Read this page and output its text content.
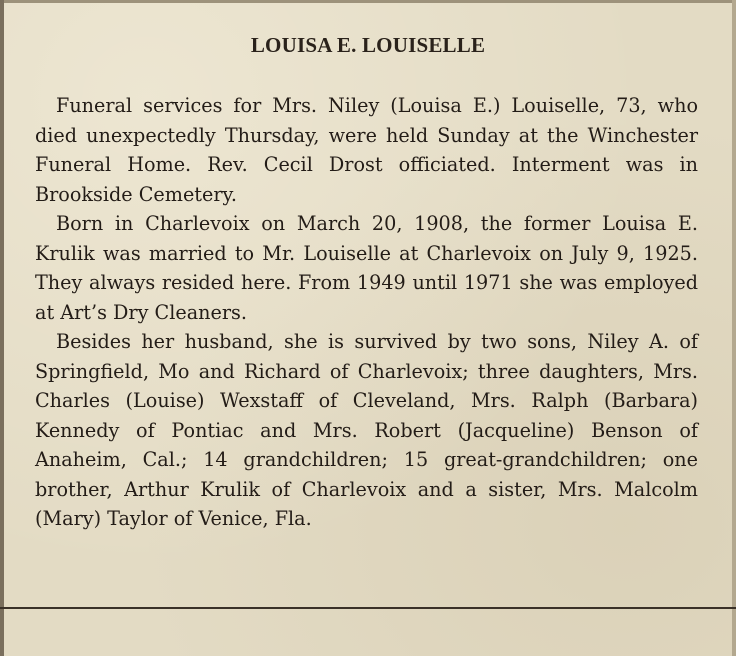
LOUISA E. LOUISELLE

Funeral services for Mrs. Niley (Louisa E.) Louiselle, 73, who died unexpectedly Thursday, were held Sunday at the Winchester Funeral Home. Rev. Cecil Drost officiated. Interment was in Brookside Cemetery.

Born in Charlevoix on March 20, 1908, the former Louisa E. Krulik was married to Mr. Louiselle at Charlevoix on July 9, 1925. They always resided here. From 1949 until 1971 she was employed at Art’s Dry Cleaners.

Besides her husband, she is survived by two sons, Niley A. of Springfield, Mo and Richard of Charlevoix; three daughters, Mrs. Charles (Louise) Wexstaff of Cleveland, Mrs. Ralph (Barbara) Kennedy of Pontiac and Mrs. Robert (Jacqueline) Benson of Anaheim, Cal.; 14 grandchildren; 15 great-grandchildren; one brother, Arthur Krulik of Charlevoix and a sister, Mrs. Malcolm (Mary) Taylor of Venice, Fla.
